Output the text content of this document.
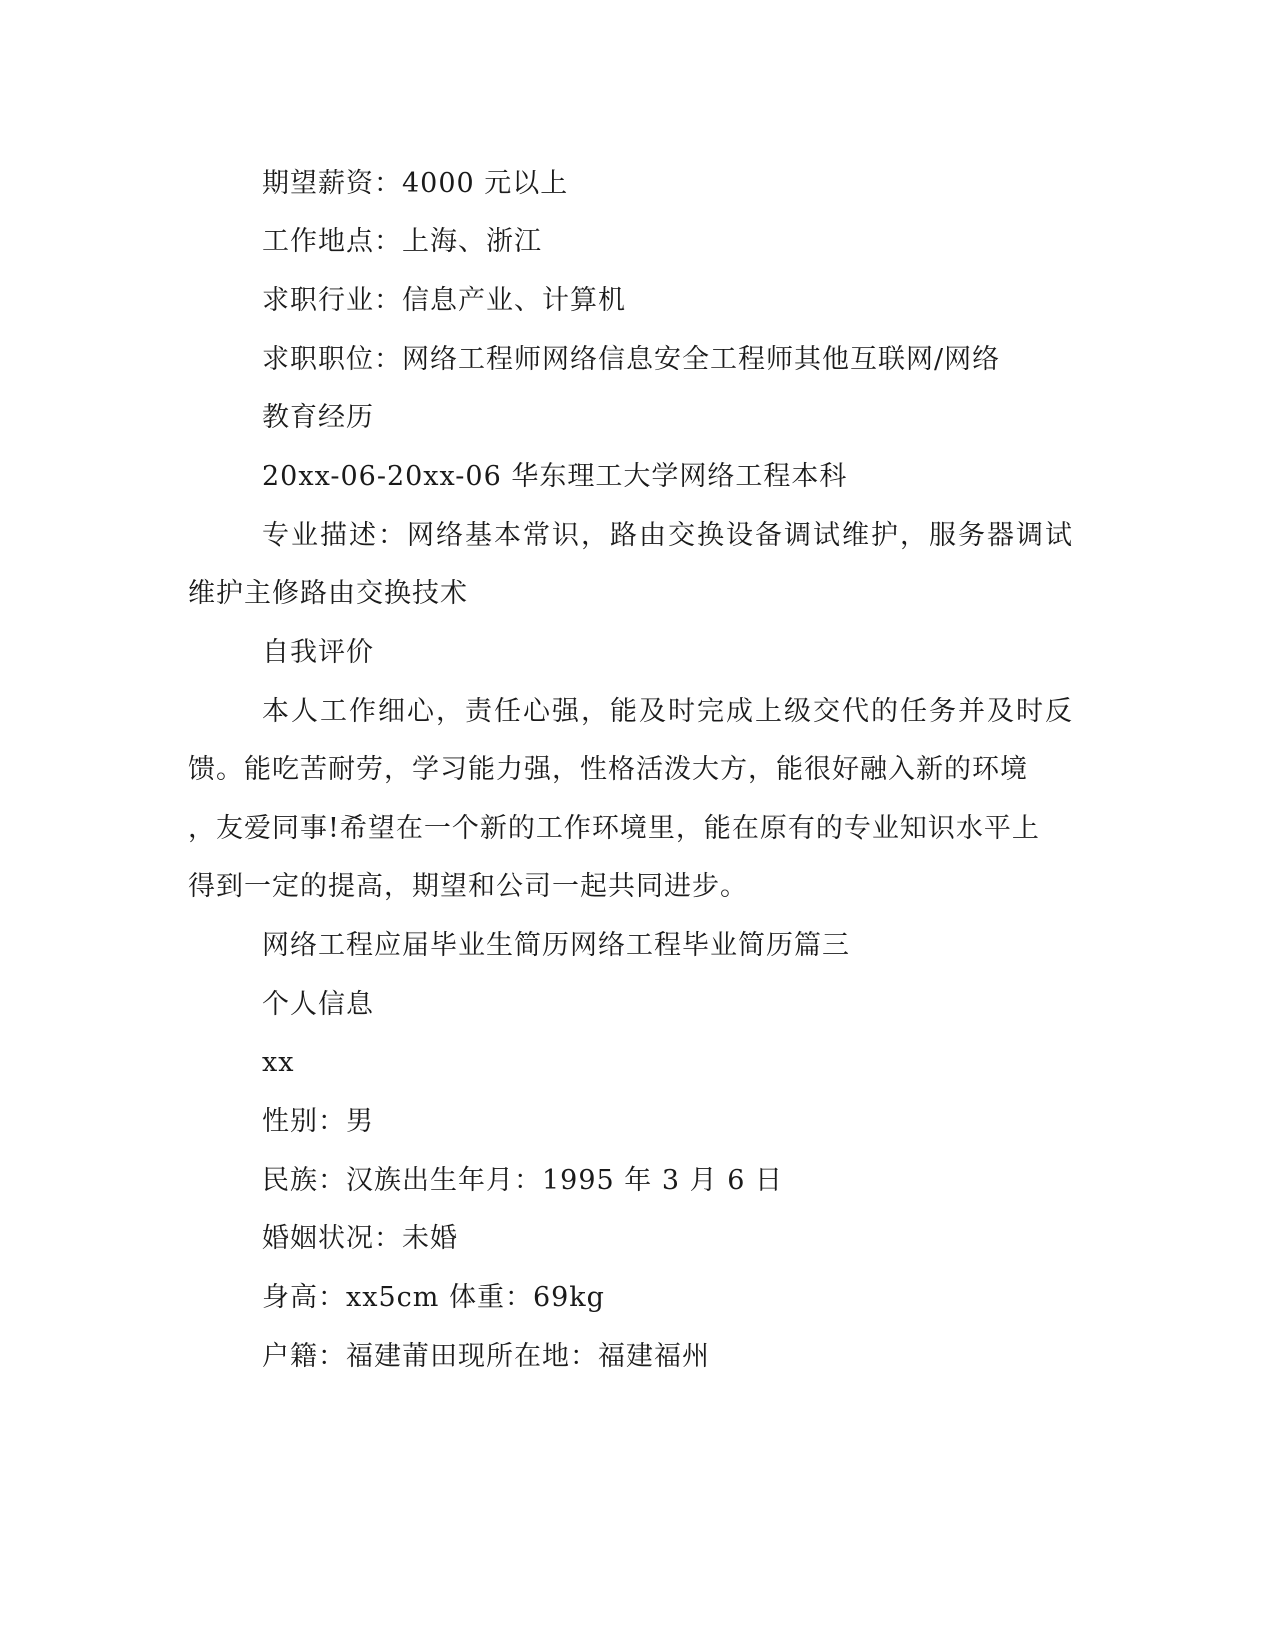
期望薪资：4000 元以上
工作地点：上海、浙江
求职行业：信息产业、计算机
求职职位：网络工程师网络信息安全工程师其他互联网/网络
教育经历
20xx-06-20xx-06 华东理工大学网络工程本科
专业描述：网络基本常识，路由交换设备调试维护，服务器调试
维护主修路由交换技术
自我评价
本人工作细心，责任心强，能及时完成上级交代的任务并及时反
馈。能吃苦耐劳，学习能力强，性格活泼大方，能很好融入新的环境
，友爱同事!希望在一个新的工作环境里，能在原有的专业知识水平上
得到一定的提高，期望和公司一起共同进步。
网络工程应届毕业生简历网络工程毕业简历篇三
个人信息
xx
性别：男
民族：汉族出生年月：1995 年 3 月 6 日
婚姻状况：未婚
身高：xx5cm 体重：69kg
户籍：福建莆田现所在地：福建福州
